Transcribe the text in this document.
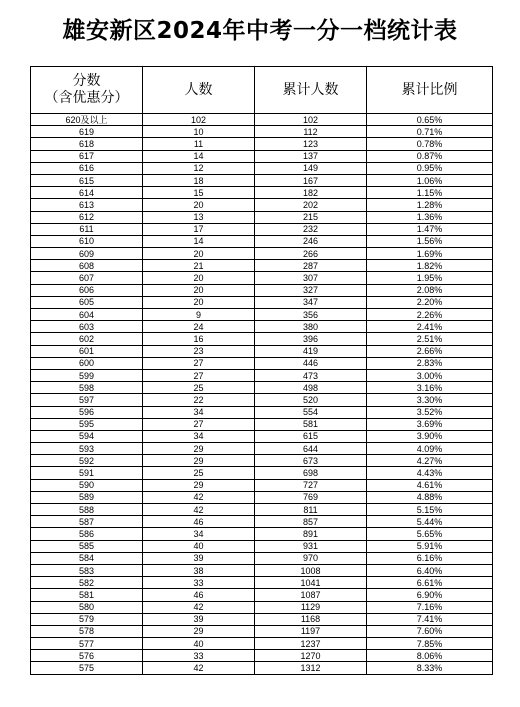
雄安新区2024年中考一分一档统计表
分数
（含优惠分）	人数	累计人数	累计比例
620及以上	102	102	0.65%
619	10	112	0.71%
618	11	123	0.78%
617	14	137	0.87%
616	12	149	0.95%
615	18	167	1.06%
614	15	182	1.15%
613	20	202	1.28%
612	13	215	1.36%
611	17	232	1.47%
610	14	246	1.56%
609	20	266	1.69%
608	21	287	1.82%
607	20	307	1.95%
606	20	327	2.08%
605	20	347	2.20%
604	9	356	2.26%
603	24	380	2.41%
602	16	396	2.51%
601	23	419	2.66%
600	27	446	2.83%
599	27	473	3.00%
598	25	498	3.16%
597	22	520	3.30%
596	34	554	3.52%
595	27	581	3.69%
594	34	615	3.90%
593	29	644	4.09%
592	29	673	4.27%
591	25	698	4.43%
590	29	727	4.61%
589	42	769	4.88%
588	42	811	5.15%
587	46	857	5.44%
586	34	891	5.65%
585	40	931	5.91%
584	39	970	6.16%
583	38	1008	6.40%
582	33	1041	6.61%
581	46	1087	6.90%
580	42	1129	7.16%
579	39	1168	7.41%
578	29	1197	7.60%
577	40	1237	7.85%
576	33	1270	8.06%
575	42	1312	8.33%
